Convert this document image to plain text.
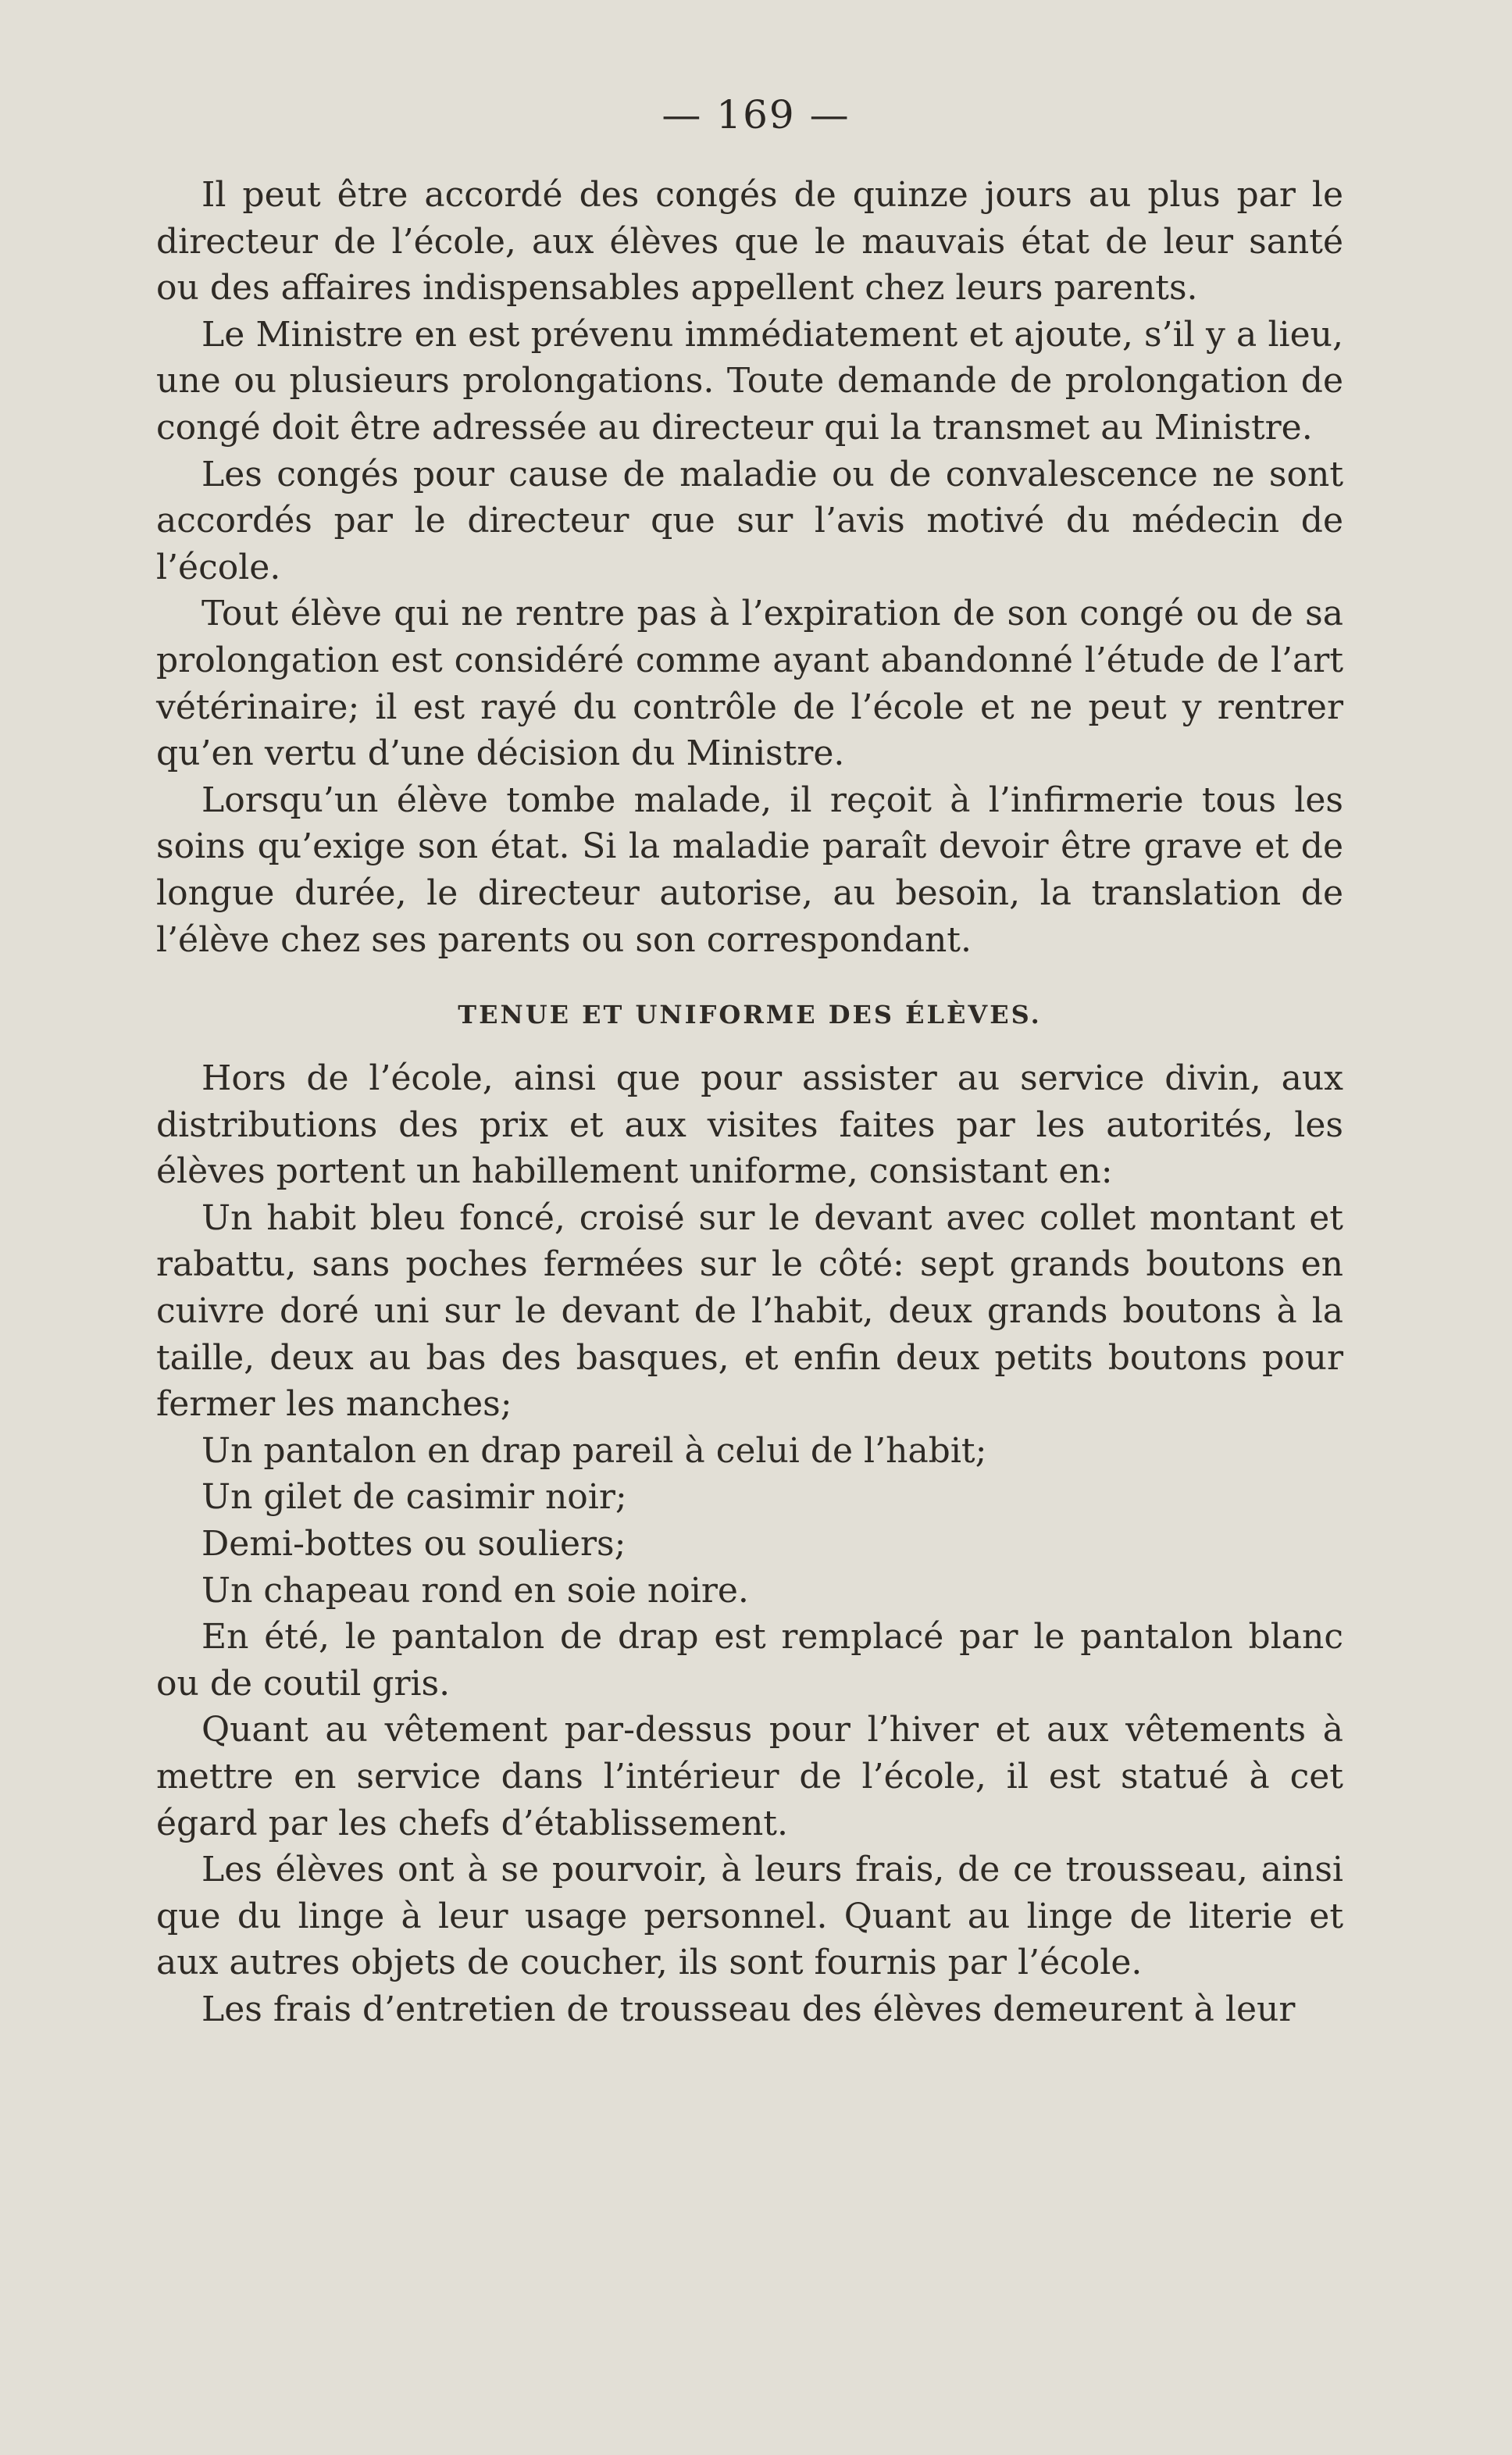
— 169 —

Il peut être accordé des congés de quinze jours au plus par le directeur de l’école, aux élèves que le mauvais état de leur santé ou des affaires indispensables appellent chez leurs parents.

Le Ministre en est prévenu immédiatement et ajoute, s’il y a lieu, une ou plusieurs prolongations. Toute demande de prolongation de congé doit être adressée au directeur qui la transmet au Ministre.

Les congés pour cause de maladie ou de convalescence ne sont accordés par le directeur que sur l’avis motivé du médecin de l’école.

Tout élève qui ne rentre pas à l’expiration de son congé ou de sa prolongation est considéré comme ayant abandonné l’étude de l’art vétérinaire; il est rayé du contrôle de l’école et ne peut y rentrer qu’en vertu d’une décision du Ministre.

Lorsqu’un élève tombe malade, il reçoit à l’infirmerie tous les soins qu’exige son état. Si la maladie paraît devoir être grave et de longue durée, le directeur autorise, au besoin, la translation de l’élève chez ses parents ou son correspondant.

TENUE ET UNIFORME DES ÉLÈVES.

Hors de l’école, ainsi que pour assister au service divin, aux distributions des prix et aux visites faites par les autorités, les élèves portent un habillement uniforme, consistant en:

Un habit bleu foncé, croisé sur le devant avec collet montant et rabattu, sans poches fermées sur le côté: sept grands boutons en cuivre doré uni sur le devant de l’habit, deux grands boutons à la taille, deux au bas des basques, et enfin deux petits boutons pour fermer les manches;

Un pantalon en drap pareil à celui de l’habit;

Un gilet de casimir noir;

Demi-bottes ou souliers;

Un chapeau rond en soie noire.

En été, le pantalon de drap est remplacé par le pantalon blanc ou de coutil gris.

Quant au vêtement par-dessus pour l’hiver et aux vêtements à mettre en service dans l’intérieur de l’école, il est statué à cet égard par les chefs d’établissement.

Les élèves ont à se pourvoir, à leurs frais, de ce trousseau, ainsi que du linge à leur usage personnel. Quant au linge de literie et aux autres objets de coucher, ils sont fournis par l’école.

Les frais d’entretien de trousseau des élèves demeurent à leur
